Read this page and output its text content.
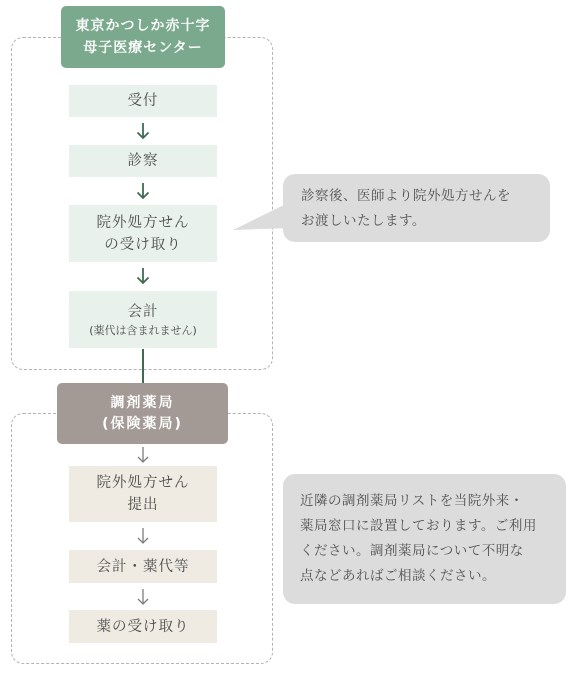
東京かつしか赤十字
母子医療センター
受付
診察
院外処方せん
の受け取り
会計
(薬代は含まれません)
調剤薬局
(保険薬局)
院外処方せん
提出
会計・薬代等
薬の受け取り
診察後、医師より院外処方せんを
お渡しいたします。
近隣の調剤薬局リストを当院外来・
薬局窓口に設置しております。ご利用
ください。調剤薬局について不明な
点などあればご相談ください。
